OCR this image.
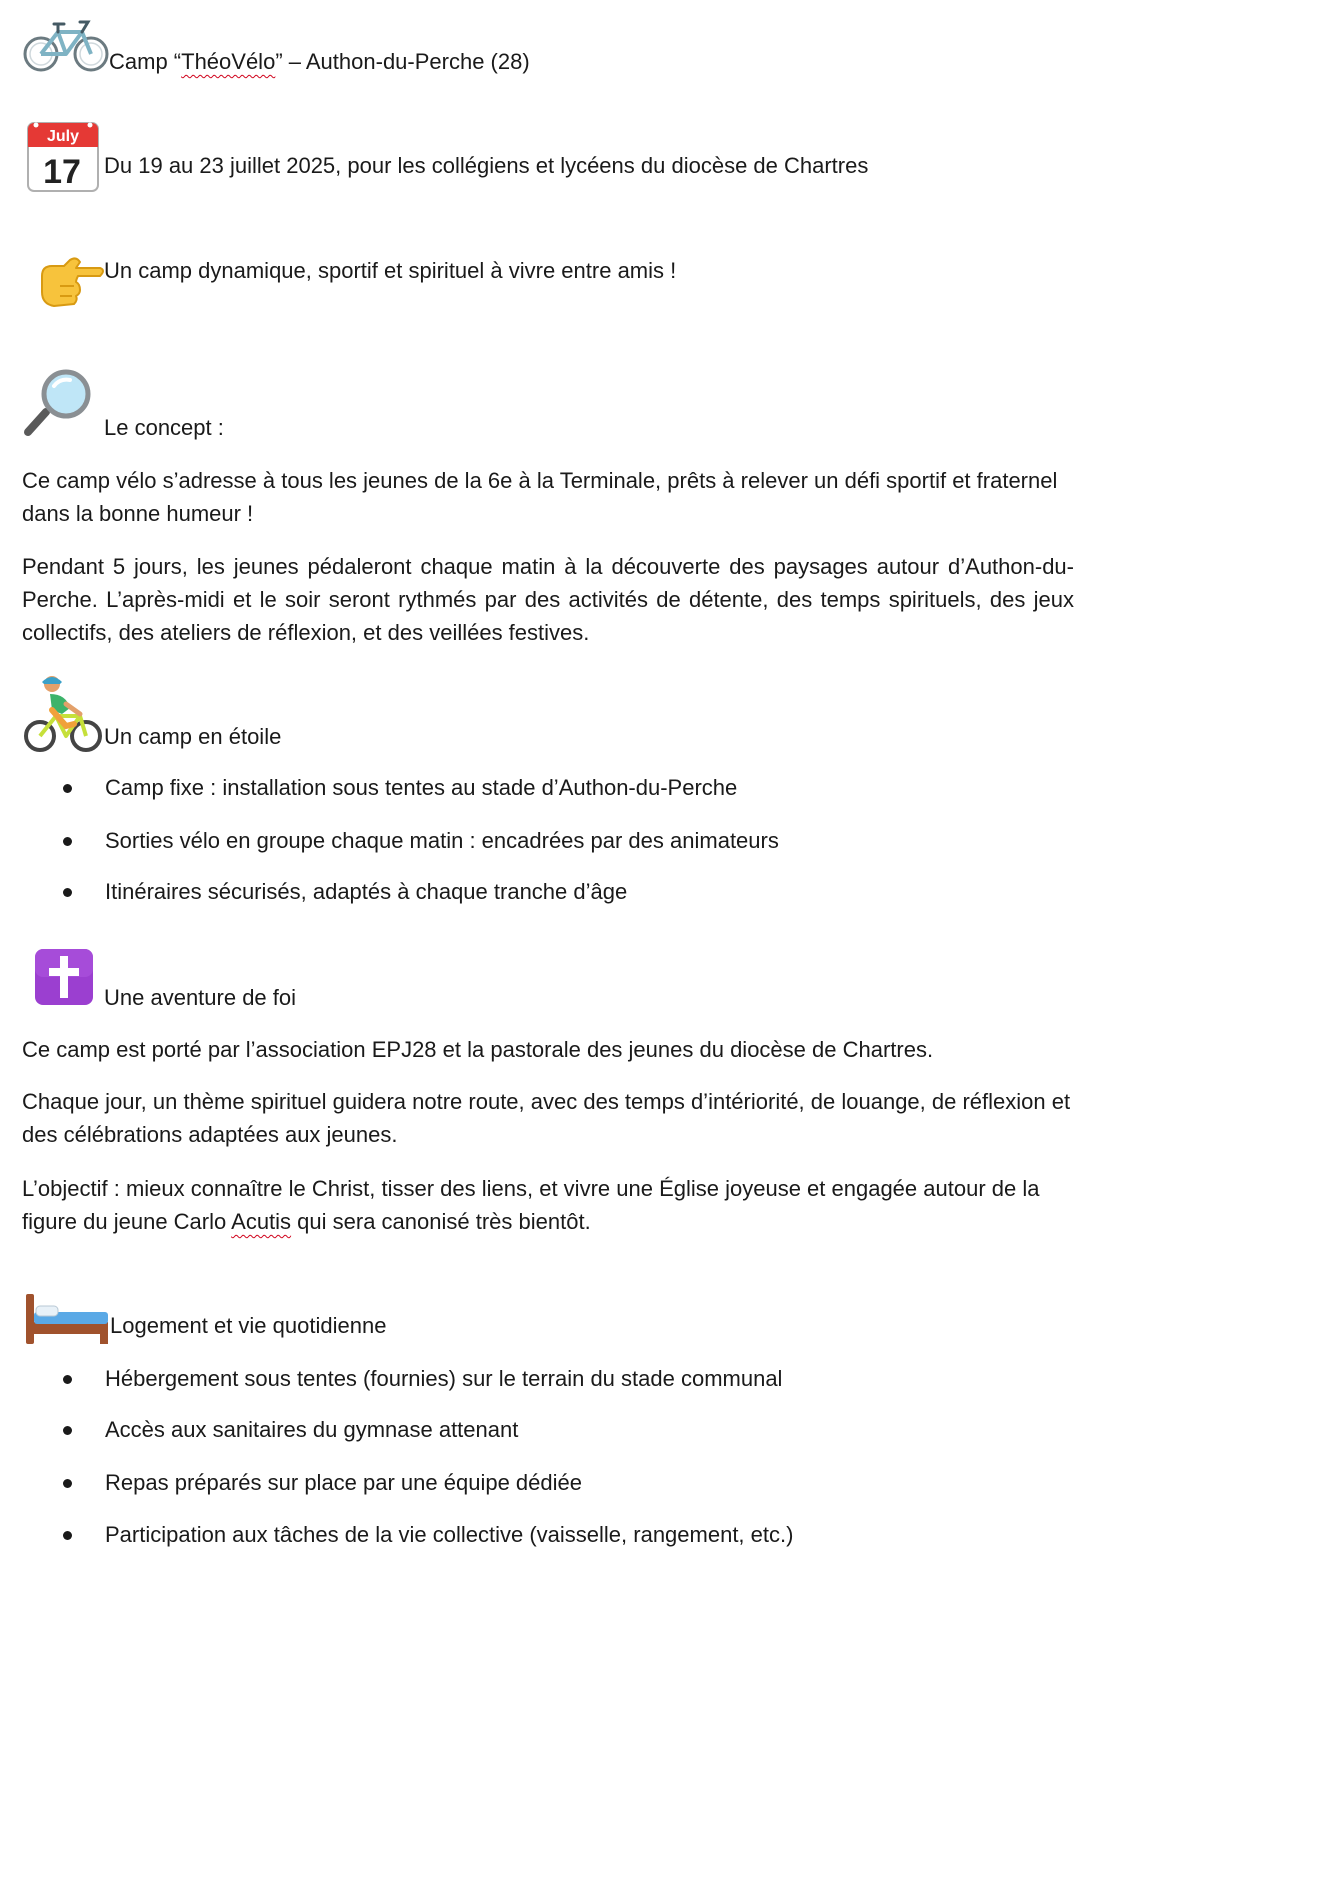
Camp “ThéoVélo” – Authon-du-Perche (28)
July
17 Du 19 au 23 juillet 2025, pour les collégiens et lycéens du diocèse de Chartres
Un camp dynamique, sportif et spirituel à vivre entre amis !
Le concept :

Ce camp vélo s’adresse à tous les jeunes de la 6e à la Terminale, prêts à relever un défi sportif et fraternel dans la bonne humeur !

Pendant 5 jours, les jeunes pédaleront chaque matin à la découverte des paysages autour d’Authon-du-Perche. L’après-midi et le soir seront rythmés par des activités de détente, des temps spirituels, des jeux collectifs, des ateliers de réflexion, et des veillées festives.

Un camp en étoile
Camp fixe : installation sous tentes au stade d’Authon-du-Perche
Sorties vélo en groupe chaque matin : encadrées par des animateurs
Itinéraires sécurisés, adaptés à chaque tranche d’âge
Une aventure de foi

Ce camp est porté par l’association EPJ28 et la pastorale des jeunes du diocèse de Chartres.

Chaque jour, un thème spirituel guidera notre route, avec des temps d’intériorité, de louange, de réflexion et des célébrations adaptées aux jeunes.

L’objectif : mieux connaître le Christ, tisser des liens, et vivre une Église joyeuse et engagée autour de la figure du jeune Carlo Acutis qui sera canonisé très bientôt.

Logement et vie quotidienne
Hébergement sous tentes (fournies) sur le terrain du stade communal
Accès aux sanitaires du gymnase attenant
Repas préparés sur place par une équipe dédiée
Participation aux tâches de la vie collective (vaisselle, rangement, etc.)
